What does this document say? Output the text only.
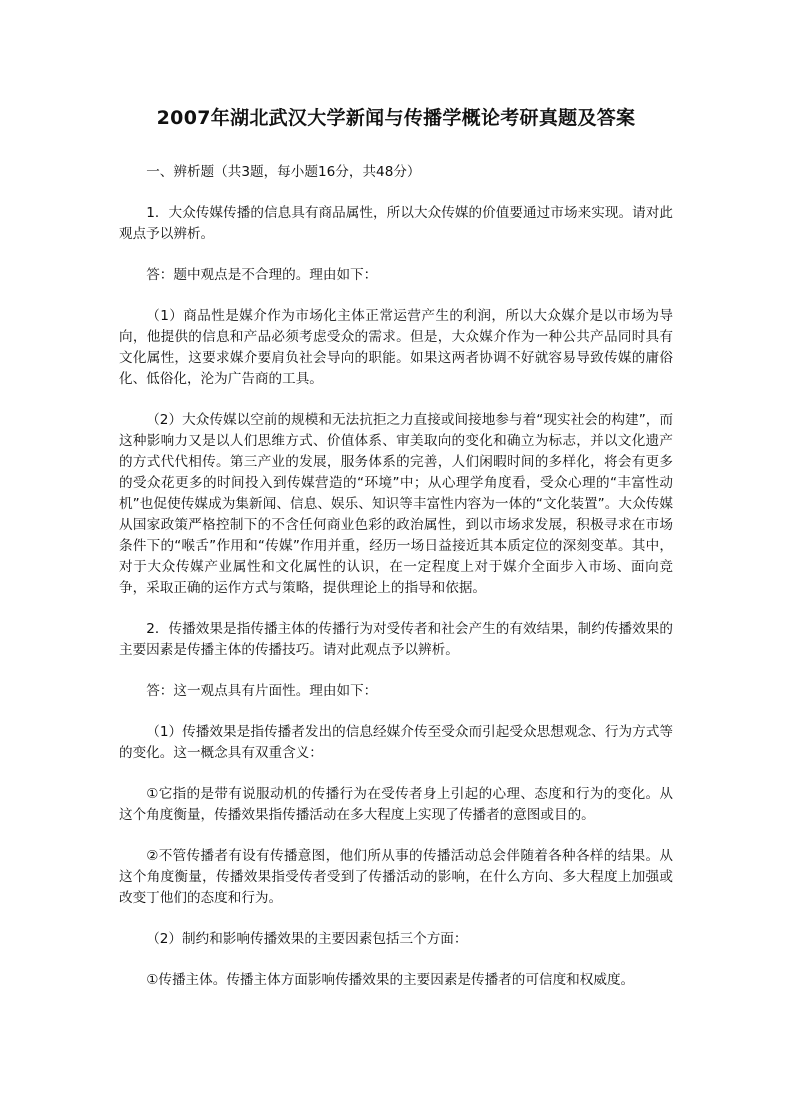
2007年湖北武汉大学新闻与传播学概论考研真题及答案

一、辨析题（共3题，每小题16分，共48分）

1．大众传媒传播的信息具有商品属性，所以大众传媒的价值要通过市场来实现。请对此观点予以辨析。

答：题中观点是不合理的。理由如下：

（1）商品性是媒介作为市场化主体正常运营产生的利润，所以大众媒介是以市场为导向，他提供的信息和产品必须考虑受众的需求。但是，大众媒介作为一种公共产品同时具有文化属性，这要求媒介要肩负社会导向的职能。如果这两者协调不好就容易导致传媒的庸俗化、低俗化，沦为广告商的工具。

（2）大众传媒以空前的规模和无法抗拒之力直接或间接地参与着“现实社会的构建”，而这种影响力又是以人们思维方式、价值体系、审美取向的变化和确立为标志，并以文化遗产的方式代代相传。第三产业的发展，服务体系的完善，人们闲暇时间的多样化，将会有更多的受众花更多的时间投入到传媒营造的“环境”中；从心理学角度看，受众心理的“丰富性动机”也促使传媒成为集新闻、信息、娱乐、知识等丰富性内容为一体的“文化装置”。大众传媒从国家政策严格控制下的不含任何商业色彩的政治属性，到以市场求发展，积极寻求在市场条件下的“喉舌”作用和“传媒”作用并重，经历一场日益接近其本质定位的深刻变革。其中，对于大众传媒产业属性和文化属性的认识，在一定程度上对于媒介全面步入市场、面向竞争，采取正确的运作方式与策略，提供理论上的指导和依据。

2．传播效果是指传播主体的传播行为对受传者和社会产生的有效结果，制约传播效果的主要因素是传播主体的传播技巧。请对此观点予以辨析。

答：这一观点具有片面性。理由如下：

（1）传播效果是指传播者发出的信息经媒介传至受众而引起受众思想观念、行为方式等的变化。这一概念具有双重含义：

①它指的是带有说服动机的传播行为在受传者身上引起的心理、态度和行为的变化。从这个角度衡量，传播效果指传播活动在多大程度上实现了传播者的意图或目的。

②不管传播者有设有传播意图，他们所从事的传播活动总会伴随着各种各样的结果。从这个角度衡量，传播效果指受传者受到了传播活动的影响，在什么方向、多大程度上加强或改变丁他们的态度和行为。

（2）制约和影响传播效果的主要因素包括三个方面：

①传播主体。传播主体方面影响传播效果的主要因素是传播者的可信度和权威度。
